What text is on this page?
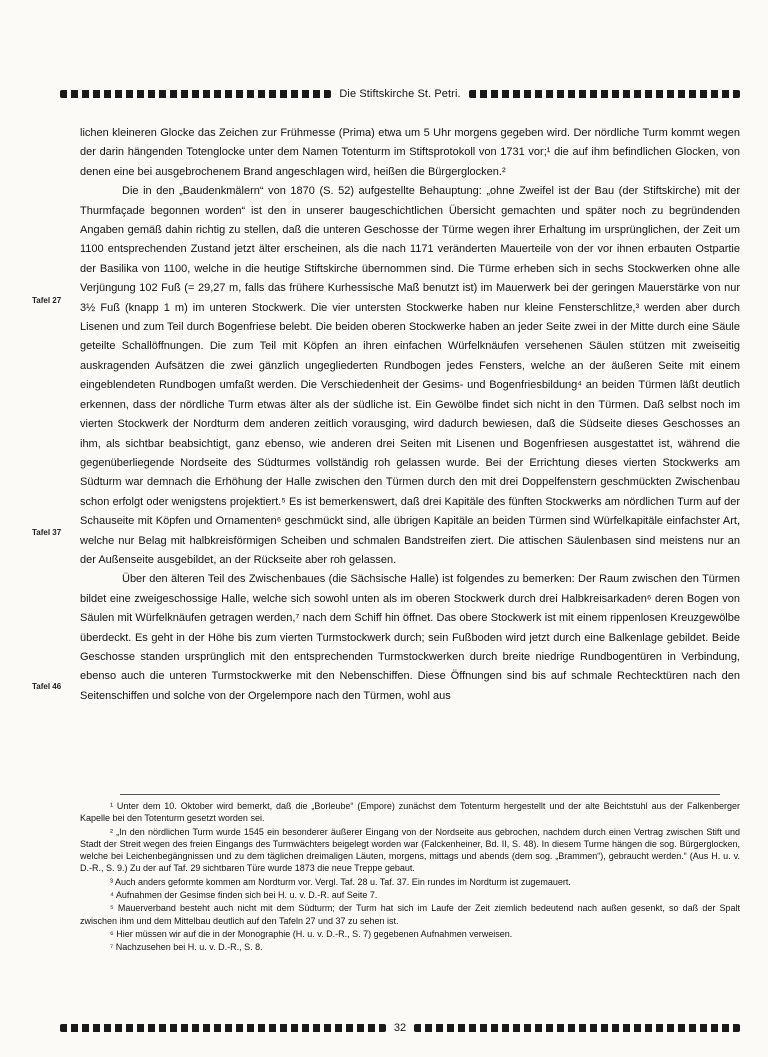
Die Stiftskirche St. Petri.
Tafel 27
Tafel 37
Tafel 46

lichen kleineren Glocke das Zeichen zur Frühmesse (Prima) etwa um 5 Uhr morgens gegeben wird. Der nördliche Turm kommt wegen der darin hängenden Totenglocke unter dem Namen Totenturm im Stiftsprotokoll von 1731 vor;¹ die auf ihm befindlichen Glocken, von denen eine bei ausgebrochenem Brand angeschlagen wird, heißen die Bürgerglocken.²

Die in den „Baudenkmälern“ von 1870 (S. 52) aufgestellte Behauptung: „ohne Zweifel ist der Bau (der Stiftskirche) mit der Thurmfaçade begonnen worden“ ist den in unserer baugeschichtlichen Übersicht gemachten und später noch zu begründenden Angaben gemäß dahin richtig zu stellen, daß die unteren Geschosse der Türme wegen ihrer Erhaltung im ursprünglichen, der Zeit um 1100 entsprechenden Zustand jetzt älter erscheinen, als die nach 1171 veränderten Mauerteile von der vor ihnen erbauten Ostpartie der Basilika von 1100, welche in die heutige Stiftskirche übernommen sind. Die Türme erheben sich in sechs Stockwerken ohne alle Verjüngung 102 Fuß (= 29,27 m, falls das frühere Kurhessische Maß benutzt ist) im Mauerwerk bei der geringen Mauerstärke von nur 3½ Fuß (knapp 1 m) im unteren Stockwerk. Die vier untersten Stockwerke haben nur kleine Fensterschlitze,³ werden aber durch Lisenen und zum Teil durch Bogenfriese belebt. Die beiden oberen Stockwerke haben an jeder Seite zwei in der Mitte durch eine Säule geteilte Schallöffnungen. Die zum Teil mit Köpfen an ihren einfachen Würfelknäufen versehenen Säulen stützen mit zweiseitig auskragenden Aufsätzen die zwei gänzlich ungegliederten Rundbogen jedes Fensters, welche an der äußeren Seite mit einem eingeblendeten Rundbogen umfaßt werden. Die Verschiedenheit der Gesims- und Bogenfriesbildung⁴ an beiden Türmen läßt deutlich erkennen, dass der nördliche Turm etwas älter als der südliche ist. Ein Gewölbe findet sich nicht in den Türmen. Daß selbst noch im vierten Stockwerk der Nordturm dem anderen zeitlich vorausging, wird dadurch bewiesen, daß die Südseite dieses Geschosses an ihm, als sichtbar beabsichtigt, ganz ebenso, wie anderen drei Seiten mit Lisenen und Bogenfriesen ausgestattet ist, während die gegenüberliegende Nordseite des Südturmes vollständig roh gelassen wurde. Bei der Errichtung dieses vierten Stockwerks am Südturm war demnach die Erhöhung der Halle zwischen den Türmen durch den mit drei Doppelfenstern geschmückten Zwischenbau schon erfolgt oder wenigstens projektiert.⁵ Es ist bemerkenswert, daß drei Kapitäle des fünften Stockwerks am nördlichen Turm auf der Schauseite mit Köpfen und Ornamenten⁶ geschmückt sind, alle übrigen Kapitäle an beiden Türmen sind Würfelkapitäle einfachster Art, welche nur Belag mit halbkreisförmigen Scheiben und schmalen Bandstreifen ziert. Die attischen Säulenbasen sind meistens nur an der Außenseite ausgebildet, an der Rückseite aber roh gelassen.

Über den älteren Teil des Zwischenbaues (die Sächsische Halle) ist folgendes zu bemerken: Der Raum zwischen den Türmen bildet eine zweigeschossige Halle, welche sich sowohl unten als im oberen Stockwerk durch drei Halbkreisarkaden⁶ deren Bogen von Säulen mit Würfelknäufen getragen werden,⁷ nach dem Schiff hin öffnet. Das obere Stockwerk ist mit einem rippenlosen Kreuzgewölbe überdeckt. Es geht in der Höhe bis zum vierten Turmstockwerk durch; sein Fußboden wird jetzt durch eine Balkenlage gebildet. Beide Geschosse standen ursprünglich mit den entsprechenden Turmstockwerken durch breite niedrige Rundbogentüren in Verbindung, ebenso auch die unteren Turmstockwerke mit den Nebenschiffen. Diese Öffnungen sind bis auf schmale Rechtecktüren nach den Seitenschiffen und solche von der Orgelempore nach den Türmen, wohl aus

¹ Unter dem 10. Oktober wird bemerkt, daß die „Borleube“ (Empore) zunächst dem Totenturm hergestellt und der alte Beichtstuhl aus der Falkenberger Kapelle bei den Totenturm gesetzt worden sei.

² „In den nördlichen Turm wurde 1545 ein besonderer äußerer Eingang von der Nordseite aus gebrochen, nachdem durch einen Vertrag zwischen Stift und Stadt der Streit wegen des freien Eingangs des Turmwächters beigelegt worden war (Falckenheiner, Bd. II, S. 48). In diesem Turme hängen die sog. Bürgerglocken, welche bei Leichenbegängnissen und zu dem täglichen dreimaligen Läuten, morgens, mittags und abends (dem sog. „Brammen“), gebraucht werden.“ (Aus H. u. v. D.-R., S. 9.) Zu der auf Taf. 29 sichtbaren Türe wurde 1873 die neue Treppe gebaut.

³ Auch anders geformte kommen am Nordturm vor. Vergl. Taf. 28 u. Taf. 37. Ein rundes im Nordturm ist zugemauert.

⁴ Aufnahmen der Gesimse finden sich bei H. u. v. D.-R. auf Seite 7.

⁵ Mauerverband besteht auch nicht mit dem Südturm; der Turm hat sich im Laufe der Zeit ziemlich bedeutend nach außen gesenkt, so daß der Spalt zwischen ihm und dem Mittelbau deutlich auf den Tafeln 27 und 37 zu sehen ist.

⁶ Hier müssen wir auf die in der Monographie (H. u. v. D.-R., S. 7) gegebenen Aufnahmen verweisen.

⁷ Nachzusehen bei H. u. v. D.-R., S. 8.

32
